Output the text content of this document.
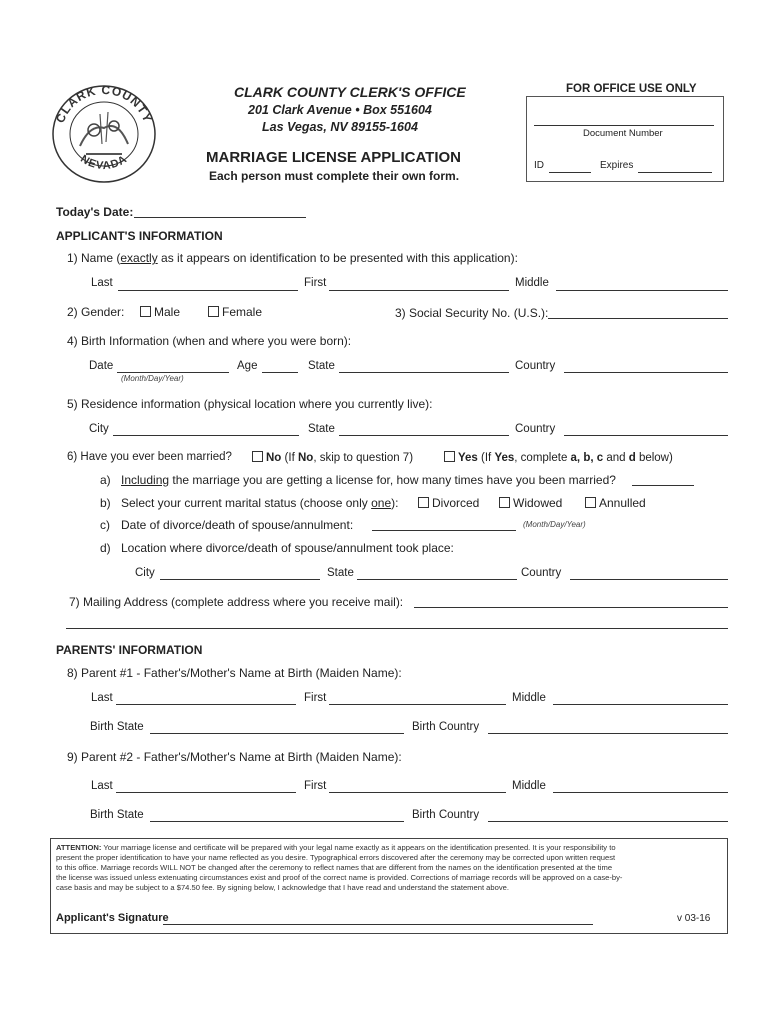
CLARK COUNTY
NEVADA
CLARK COUNTY CLERK'S OFFICE
201 Clark Avenue • Box 551604
Las Vegas, NV 89155-1604
MARRIAGE LICENSE APPLICATION
Each person must complete their own form.
FOR OFFICE USE ONLY
Document Number
ID	Expires
Today's Date:
APPLICANT'S INFORMATION
1) Name (exactly as it appears on identification to be presented with this application):
Last	First	Middle
2) Gender:	Male	Female	3) Social Security No. (U.S.):
4) Birth Information (when and where you were born):
Date
(Month/Day/Year)
Age	State	Country
5) Residence information (physical location where you currently live):
City	State	Country
6) Have you ever been married?	No (If No, skip to question 7)	Yes (If Yes, complete a, b, c and d below)
a) Including the marriage you are getting a license for, how many times have you been married?
b) Select your current marital status (choose only one):	Divorced	Widowed	Annulled
c) Date of divorce/death of spouse/annulment:	(Month/Day/Year)
d) Location where divorce/death of spouse/annulment took place:
City	State	Country
7) Mailing Address (complete address where you receive mail):
PARENTS' INFORMATION
8) Parent #1 - Father's/Mother's Name at Birth (Maiden Name):
Last	First	Middle
Birth State	Birth Country
9) Parent #2 - Father's/Mother's Name at Birth (Maiden Name):
Last	First	Middle
Birth State	Birth Country
ATTENTION: Your marriage license and certificate will be prepared with your legal name exactly as it appears on the identification presented. It is your responsibility to
present the proper identification to have your name reflected as you desire. Typographical errors discovered after the ceremony may be corrected upon written request
to this office. Marriage records WILL NOT be changed after the ceremony to reflect names that are different from the names on the identification presented at the time
the license was issued unless extenuating circumstances exist and proof of the correct name is provided. Corrections of marriage records will be approved on a case-by-
case basis and may be subject to a $74.50 fee. By signing below, I acknowledge that I have read and understand the statement above.
Applicant's Signature	v 03-16
